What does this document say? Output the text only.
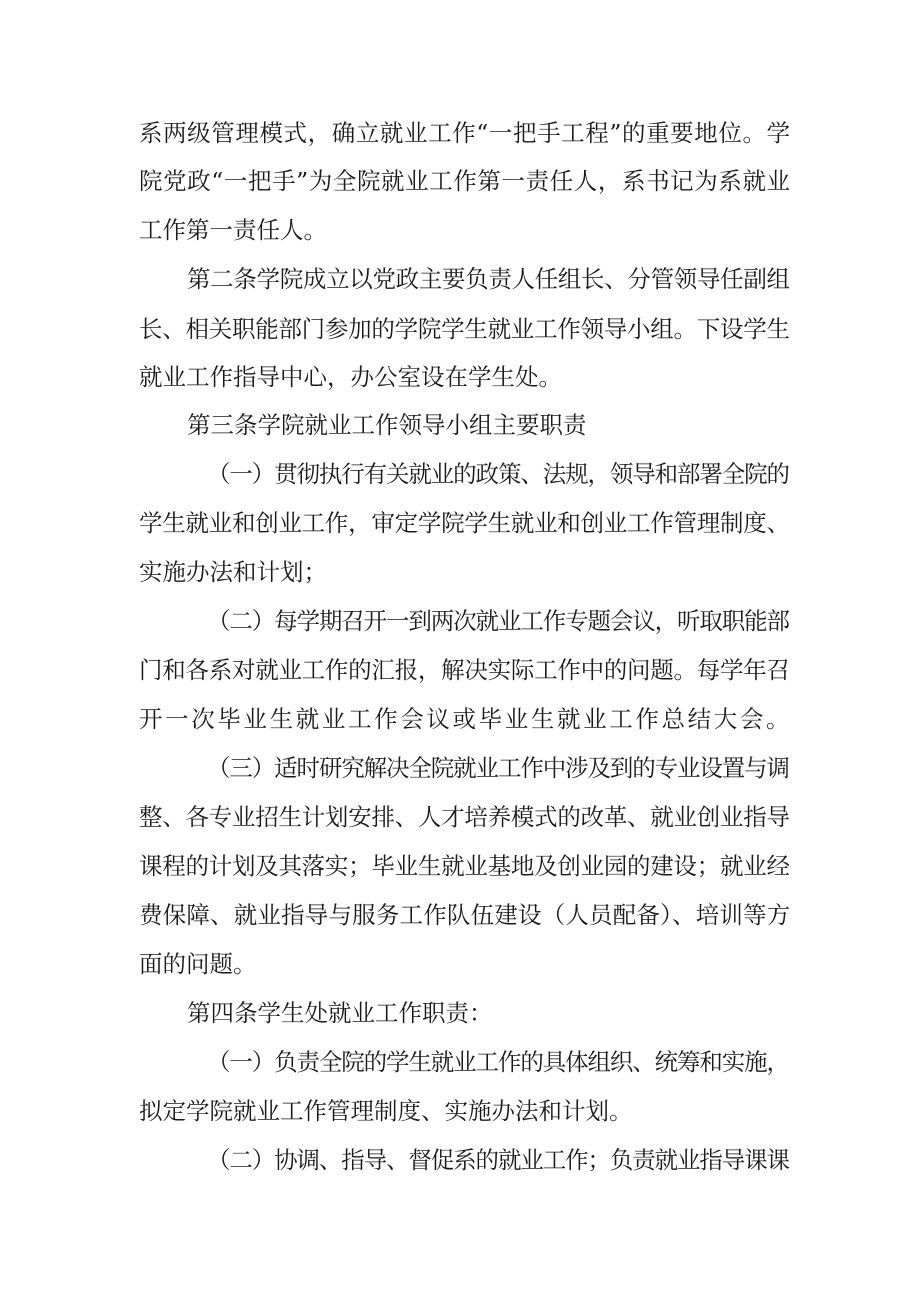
系两级管理模式，确立就业工作“一把手工程”的重要地位。学
院党政“一把手”为全院就业工作第一责任人，系书记为系就业
工作第一责任人。
第二条学院成立以党政主要负责人任组长、分管领导任副组
长、相关职能部门参加的学院学生就业工作领导小组。下设学生
就业工作指导中心，办公室设在学生处。
第三条学院就业工作领导小组主要职责
（一）贯彻执行有关就业的政策、法规，领导和部署全院的
学生就业和创业工作，审定学院学生就业和创业工作管理制度、
实施办法和计划；
（二）每学期召开一到两次就业工作专题会议，听取职能部
门和各系对就业工作的汇报，解决实际工作中的问题。每学年召
开一次毕业生就业工作会议或毕业生就业工作总结大会。
（三）适时研究解决全院就业工作中涉及到的专业设置与调
整、各专业招生计划安排、人才培养模式的改革、就业创业指导
课程的计划及其落实；毕业生就业基地及创业园的建设；就业经
费保障、就业指导与服务工作队伍建设（人员配备）、培训等方
面的问题。
第四条学生处就业工作职责：
（一）负责全院的学生就业工作的具体组织、统筹和实施，
拟定学院就业工作管理制度、实施办法和计划。
（二）协调、指导、督促系的就业工作；负责就业指导课课
